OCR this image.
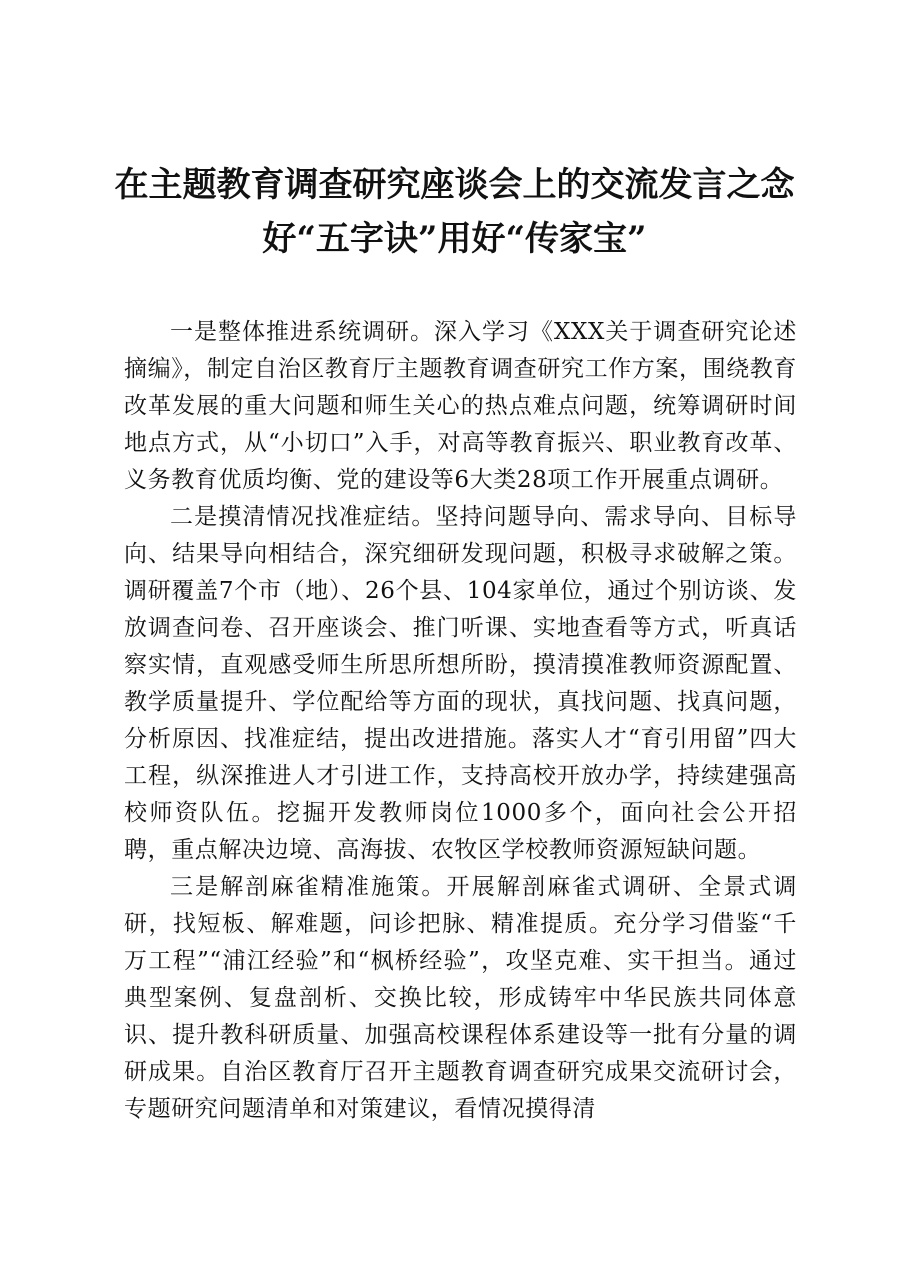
在主题教育调查研究座谈会上的交流发言之念

好“五字诀”用好“传家宝”

一是整体推进系统调研。深入学习《XXX关于调查研究论述摘编》，制定自治区教育厅主题教育调查研究工作方案，围绕教育改革发展的重大问题和师生关心的热点难点问题，统筹调研时间地点方式，从“小切口”入手，对高等教育振兴、职业教育改革、义务教育优质均衡、党的建设等6大类28项工作开展重点调研。

二是摸清情况找准症结。坚持问题导向、需求导向、目标导向、结果导向相结合，深究细研发现问题，积极寻求破解之策。调研覆盖7个市（地）、26个县、104家单位，通过个别访谈、发放调查问卷、召开座谈会、推门听课、实地查看等方式，听真话察实情，直观感受师生所思所想所盼，摸清摸准教师资源配置、教学质量提升、学位配给等方面的现状，真找问题、找真问题，分析原因、找准症结，提出改进措施。落实人才“育引用留”四大工程，纵深推进人才引进工作，支持高校开放办学，持续建强高校师资队伍。挖掘开发教师岗位1000多个，面向社会公开招聘，重点解决边境、高海拔、农牧区学校教师资源短缺问题。

三是解剖麻雀精准施策。开展解剖麻雀式调研、全景式调研，找短板、解难题，问诊把脉、精准提质。充分学习借鉴“千万工程”“浦江经验”和“枫桥经验”，攻坚克难、实干担当。通过典型案例、复盘剖析、交换比较，形成铸牢中华民族共同体意识、提升教科研质量、加强高校课程体系建设等一批有分量的调研成果。自治区教育厅召开主题教育调查研究成果交流研讨会，专题研究问题清单和对策建议，看情况摸得清
